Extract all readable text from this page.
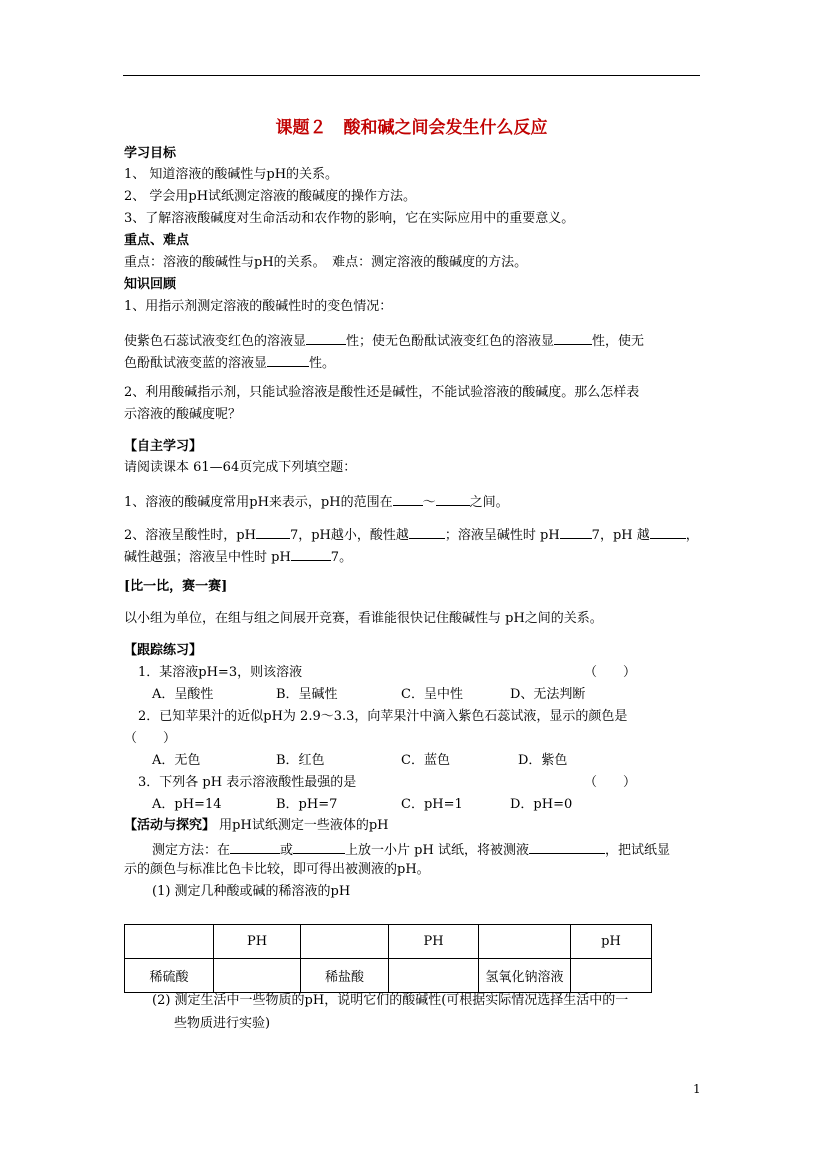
课题２　酸和碱之间会发生什么反应
学习目标
1、 知道溶液的酸碱性与pH的关系。
2、 学会用pH试纸测定溶液的酸碱度的操作方法。
3、了解溶液酸碱度对生命活动和农作物的影响，它在实际应用中的重要意义。
重点、难点
重点：溶液的酸碱性与pH的关系。　难点：测定溶液的酸碱度的方法。
知识回顾
1、用指示剂测定溶液的酸碱性时的变色情况：
使紫色石蕊试液变红色的溶液显	性；使无色酚酞试液变红色的溶液显	性，使无
色酚酞试液变蓝的溶液显	性。
2、利用酸碱指示剂，只能试验溶液是酸性还是碱性，不能试验溶液的酸碱度。那么怎样表
示溶液的酸碱度呢？
【自主学习】
请阅读课本 61—64页完成下列填空题：
1、溶液的酸碱度常用pH来表示，pH的范围在 ～	之间。
2、溶液呈酸性时，pH	7，pH越小，酸性越	；溶液呈碱性时 pH 7，pH 越	，
碱性越强；溶液呈中性时 pH	7。
[比一比，赛一赛]
以小组为单位，在组与组之间展开竞赛，看谁能很快记住酸碱性与 pH之间的关系。
【跟踪练习】
1．某溶液pH=3，则该溶液	（　　）
A．呈酸性	B．呈碱性	C．呈中性	D、无法判断
2．已知苹果汁的近似pH为 2.9～3.3，向苹果汁中滴入紫色石蕊试液，显示的颜色是
（　　）
A．无色	B．红色	C．蓝色	D．紫色
3．下列各 pH 表示溶液酸性最强的是	（　　）
A．pH=14	B．pH=7	C．pH=1	D．pH=0
【活动与探究】 用pH试纸测定一些液体的pH
测定方法：在	或	上放一小片 pH 试纸，将被测液	，把试纸显
示的颜色与标准比色卡比较，即可得出被测液的pH。
(1) 测定几种酸或碱的稀溶液的pH
	PH		PH		pH
稀硫酸		稀盐酸		氢氧化钠溶液	
(2) 测定生活中一些物质的pH，说明它们的酸碱性(可根据实际情况选择生活中的一
些物质进行实验)
1
